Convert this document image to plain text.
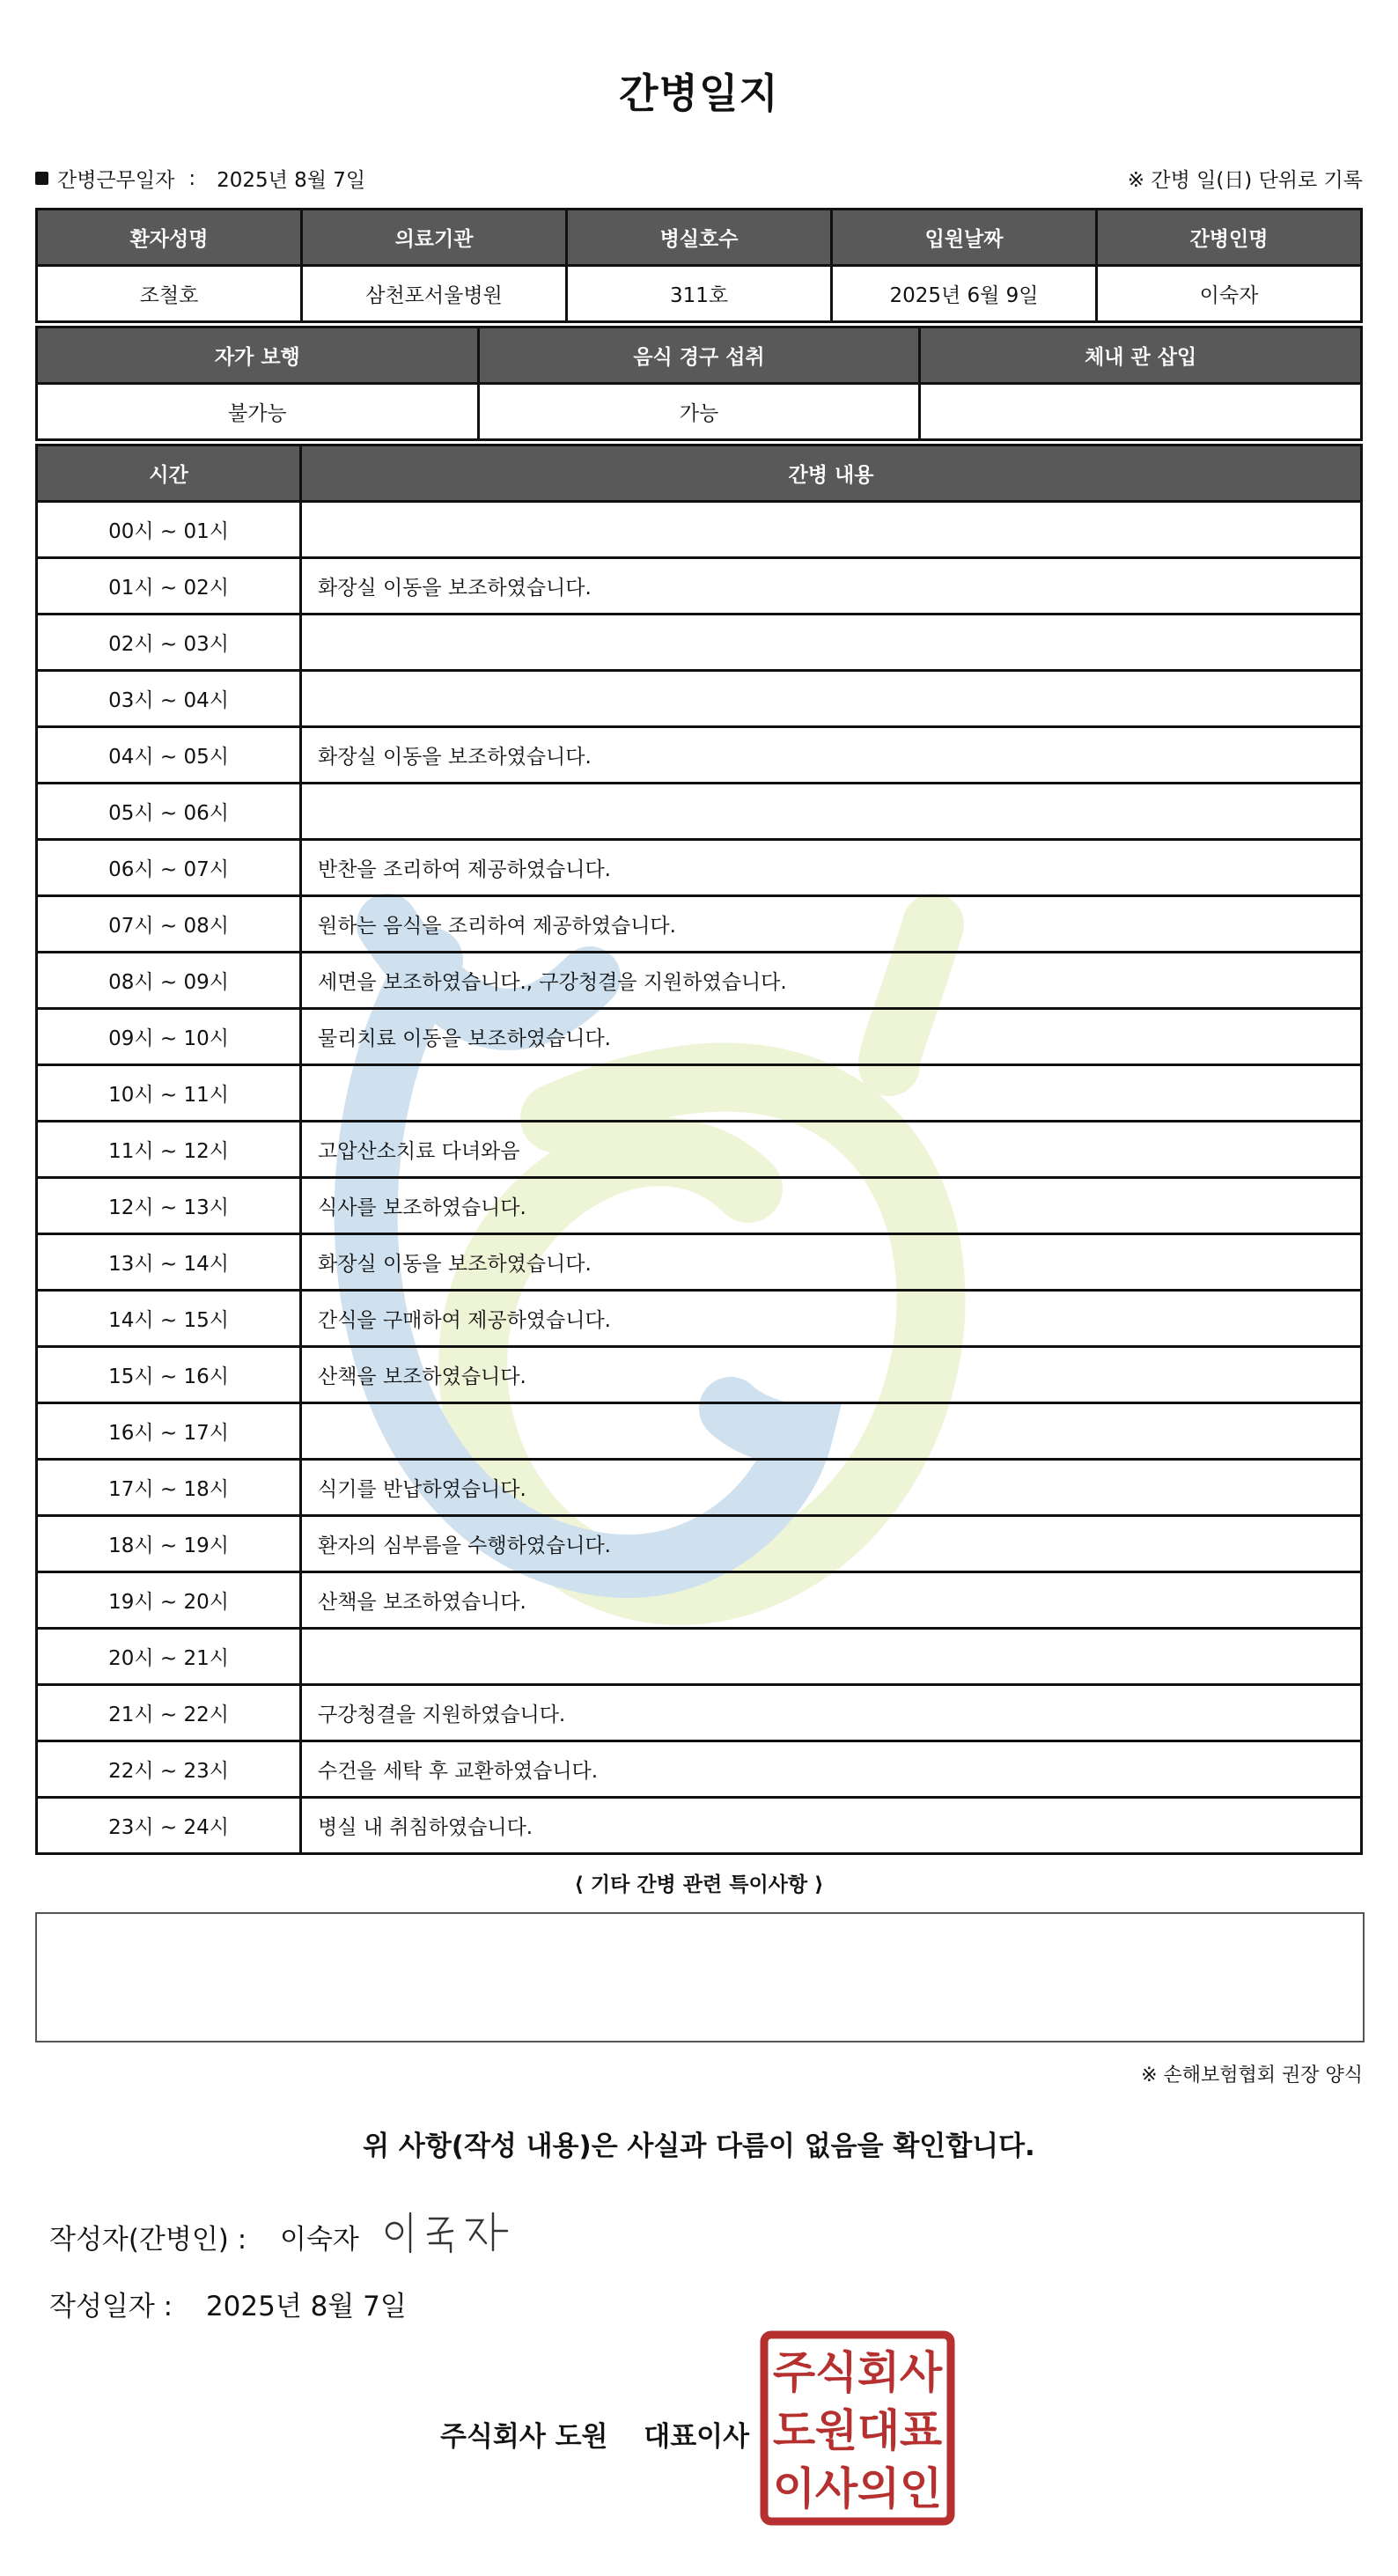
간병일지
간병근무일자 : 2025년 8월 7일	※ 간병 일(日) 단위로 기록
환자성명	의료기관	병실호수	입원날짜	간병인명
조철호	삼천포서울병원	311호	2025년 6월 9일	이숙자
자가 보행	음식 경구 섭취	체내 관 삽입
불가능	가능	
시간	간병 내용
00시 ~ 01시	
01시 ~ 02시	화장실 이동을 보조하였습니다.
02시 ~ 03시	
03시 ~ 04시	
04시 ~ 05시	화장실 이동을 보조하였습니다.
05시 ~ 06시	
06시 ~ 07시	반찬을 조리하여 제공하였습니다.
07시 ~ 08시	원하는 음식을 조리하여 제공하였습니다.
08시 ~ 09시	세면을 보조하였습니다., 구강청결을 지원하였습니다.
09시 ~ 10시	물리치료 이동을 보조하였습니다.
10시 ~ 11시	
11시 ~ 12시	고압산소치료 다녀와음
12시 ~ 13시	식사를 보조하였습니다.
13시 ~ 14시	화장실 이동을 보조하였습니다.
14시 ~ 15시	간식을 구매하여 제공하였습니다.
15시 ~ 16시	산책을 보조하였습니다.
16시 ~ 17시	
17시 ~ 18시	식기를 반납하였습니다.
18시 ~ 19시	환자의 심부름을 수행하였습니다.
19시 ~ 20시	산책을 보조하였습니다.
20시 ~ 21시	
21시 ~ 22시	구강청결을 지원하였습니다.
22시 ~ 23시	수건을 세탁 후 교환하였습니다.
23시 ~ 24시	병실 내 취침하였습니다.
⟨ 기타 간병 관련 특이사항 ⟩
※ 손해보험협회 권장 양식
위 사항(작성 내용)은 사실과 다름이 없음을 확인합니다.
작성자(간병인) : 이숙자
작성일자 : 2025년 8월 7일
주식회사 도원 대표이사
주 식 회 사
도 원 대 표
이 사 의 인
